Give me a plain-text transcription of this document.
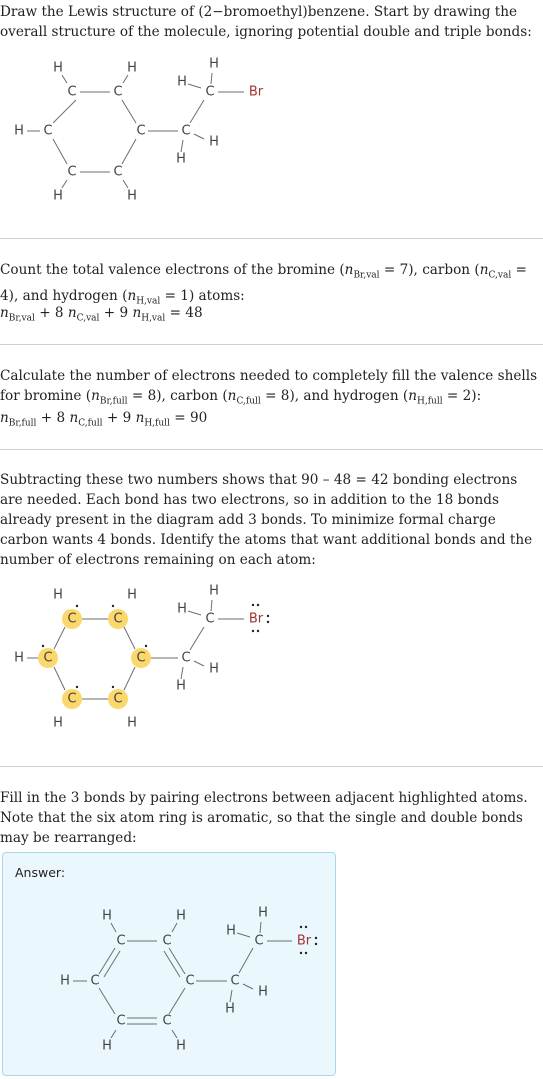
Draw the Lewis structure of (2−bromoethyl)benzene. Start by drawing the overall structure of the molecule, ignoring potential double and triple bonds:

C	C
C	C
C	C
C
C	Br
H	H
H
H	H
H
H
H
H

Count the total valence electrons of the bromine $(n_{Br,val} = 7)$, carbon $(n_{C,val} = 4)$, and hydrogen $(n_{H,val} = 1)$ atoms:

$n_{Br,val} + 8$ $n_{C,val} + 9$ $n_{H,val} = 48$

Calculate the number of electrons needed to completely fill the valence shells for bromine $(n_{Br,full} = 8)$, carbon $(n_{C,full} = 8)$, and hydrogen $(n_{H,full} = 2)$:

$n_{Br,full} + 8$ $n_{C,full} + 9$ $n_{H,full} = 90$

Subtracting these two numbers shows that 90 – 48 = 42 bonding electrons are needed. Each bond has two electrons, so in addition to the 18 bonds already present in the diagram add 3 bonds. To minimize formal charge carbon wants 4 bonds. Identify the atoms that want additional bonds and the number of electrons remaining on each atom:

C	C
C	C
C	C
C
C	Br
H	H
H
H	H
H
H
H
H

Fill in the 3 bonds by pairing electrons between adjacent highlighted atoms. Note that the six atom ring is aromatic, so that the single and double bonds may be rearranged:

Answer:
C	C
C	C
C	C
C
C	Br
H	H
H
H	H
H
H
H
H
